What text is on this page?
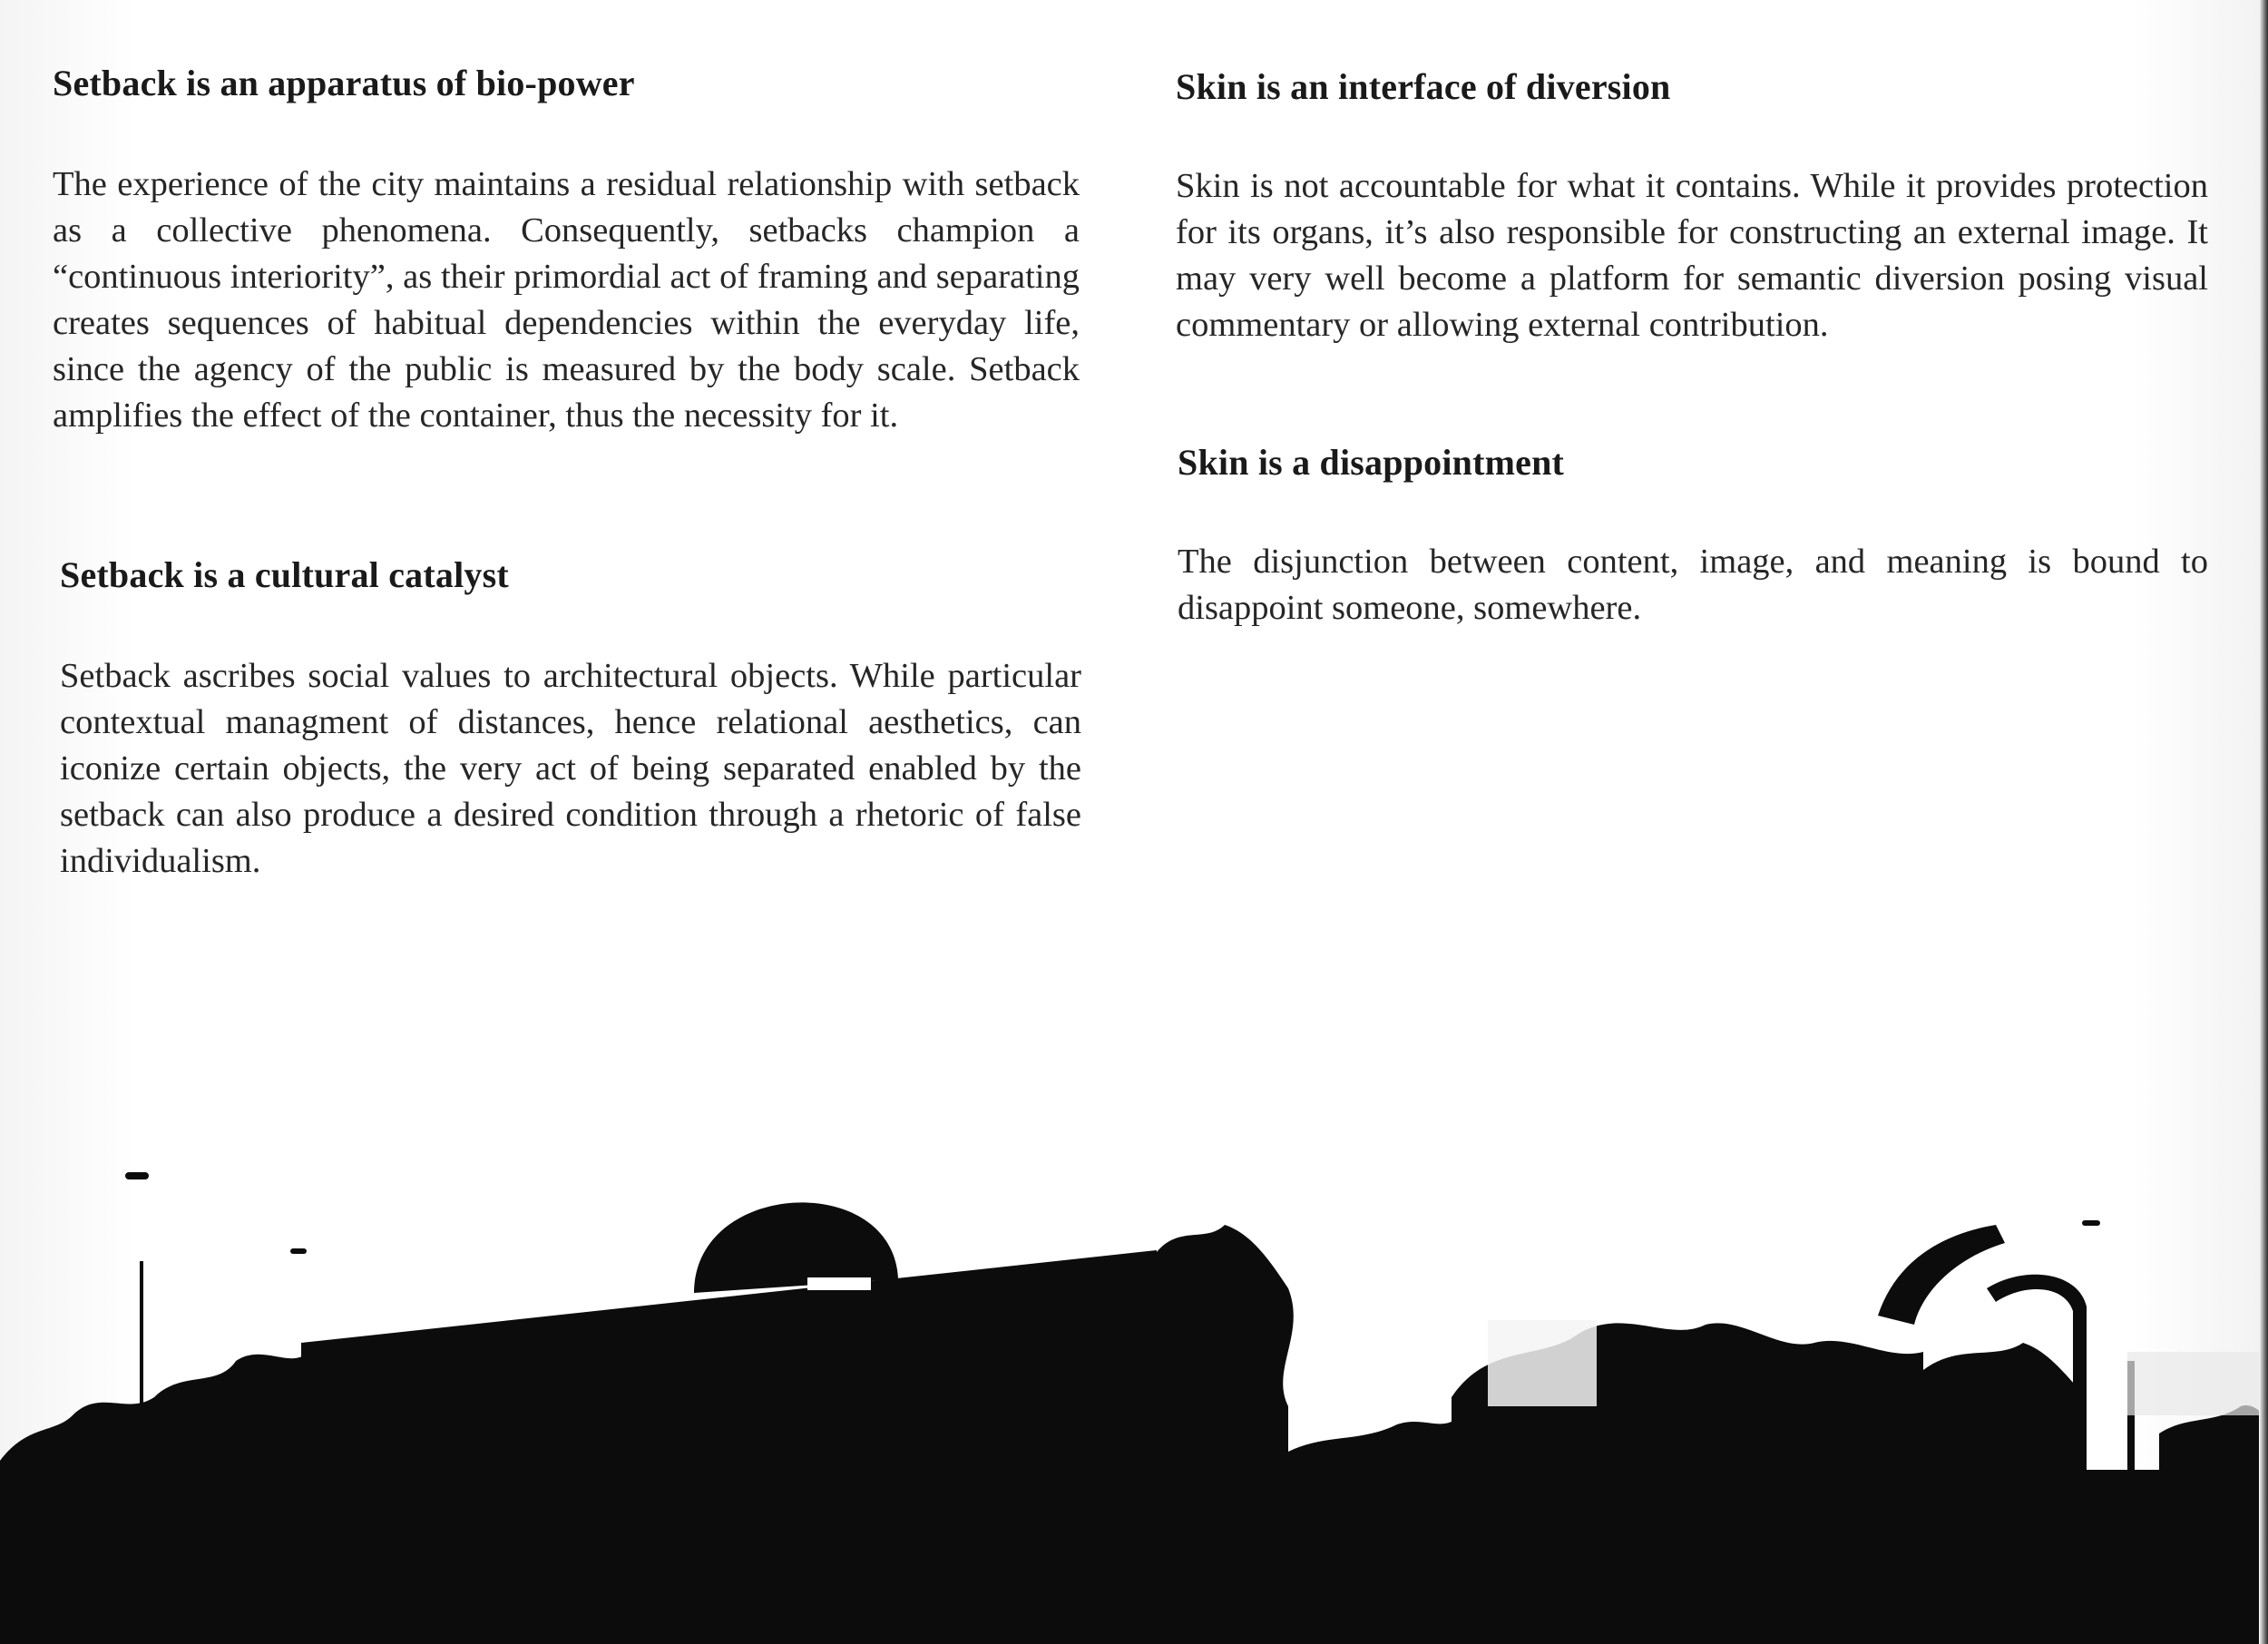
Setback is an apparatus of bio-power

The experience of the city maintains a residual relationship with setback as a collective phenomena. Consequently, setbacks champion a “continuous interiority”, as their primordial act of framing and separating creates sequences of habitual dependencies within the everyday life, since the agency of the public is measured by the body scale. Setback amplifies the effect of the container, thus the necessity for it.

Setback is a cultural catalyst

Setback ascribes social values to architectural objects. While particular contextual managment of distances, hence relational aesthetics, can iconize certain objects, the very act of being separated enabled by the setback can also produce a desired condition through a rhetoric of false individualism.

Skin is an interface of diversion

Skin is not accountable for what it contains. While it provides protection for its organs, it’s also responsible for constructing an external image. It may very well become a platform for semantic diversion posing visual commentary or allowing external contribution.

Skin is a disappointment

The disjunction between content, image, and meaning is bound to disappoint someone, somewhere.
